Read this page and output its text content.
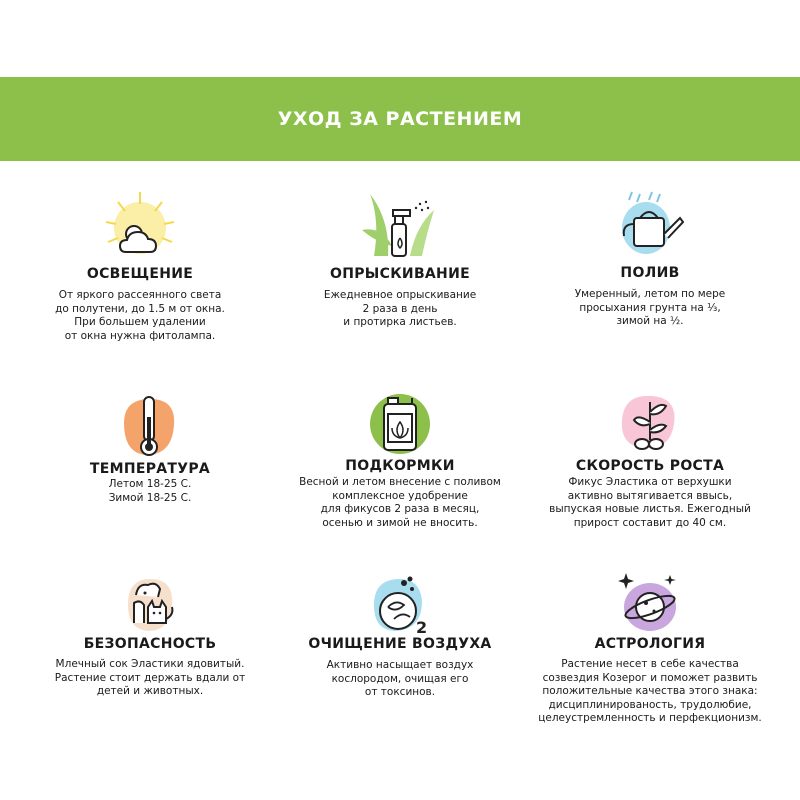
УХОД ЗА РАСТЕНИЕМ
ОСВЕЩЕНИЕ
От яркого рассеянного света
до полутени, до 1.5 м от окна.
При большем удалении
от окна нужна фитолампа.
ОПРЫСКИВАНИЕ
Ежедневное опрыскивание
2 раза в день
и протирка листьев.
ПОЛИВ
Умеренный, летом по мере
просыхания грунта на ⅓,
зимой на ½.
ТЕМПЕРАТУРА
Летом 18-25 С.
Зимой 18-25 С.
ПОДКОРМКИ
Весной и летом внесение с поливом
комплексное удобрение
для фикусов 2 раза в месяц,
осенью и зимой не вносить.
СКОРОСТЬ РОСТА
Фикус Эластика от верхушки
активно вытягивается ввысь,
выпуская новые листья. Ежегодный
прирост составит до 40 см.
БЕЗОПАСНОСТЬ
Млечный сок Эластики ядовитый.
Растение стоит держать вдали от
детей и животных.
2
ОЧИЩЕНИЕ ВОЗДУХА
Активно насыщает воздух
кослородом, очищая его
от токсинов.
АСТРОЛОГИЯ
Растение несет в себе качества
созвездия Козерог и поможет развить
положительные качества этого знака:
дисциплинированость, трудолюбие,
целеустремленность и перфекционизм.
